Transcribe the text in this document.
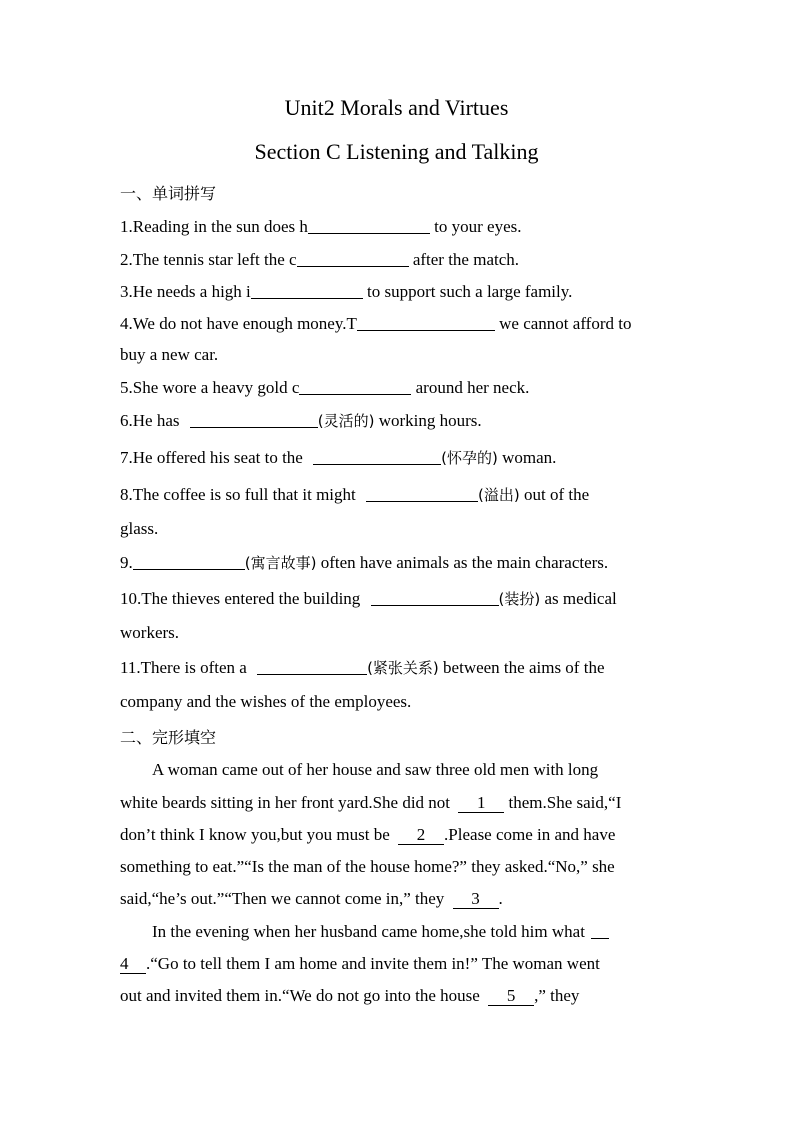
Unit2 Morals and Virtues
Section C Listening and Talking
一、单词拼写
1.Reading in the sun does h	to your eyes.
2.The tennis star left the c	after the match.
3.He needs a high i	to support such a large family.
4.We do not have enough money.T	we cannot afford to
buy a new car.
5.She wore a heavy gold c	around her neck.
6.He has	(灵活的) working hours.
7.He offered his seat to the	(怀孕的) woman.
8.The coffee is so full that it might	(溢出) out of the
glass.
9.	(寓言故事) often have animals as the main characters.
10.The thieves entered the building	(装扮) as medical
workers.
11.There is often a	(紧张关系) between the aims of the
company and the wishes of the employees.
二、完形填空
A woman came out of her house and saw three old men with long
white beards sitting in her front yard.She did not 1 them.She said,“I
don’t think I know you,but you must be 2 .Please come in and have
something to eat.”“Is the man of the house home?” they asked.“No,” she
said,“he’s out.”“Then we cannot come in,” they 3 .
In the evening when her husband came home,she told him what
4 .“Go to tell them I am home and invite them in!” The woman went
out and invited them in.“We do not go into the house 5 ,” they
